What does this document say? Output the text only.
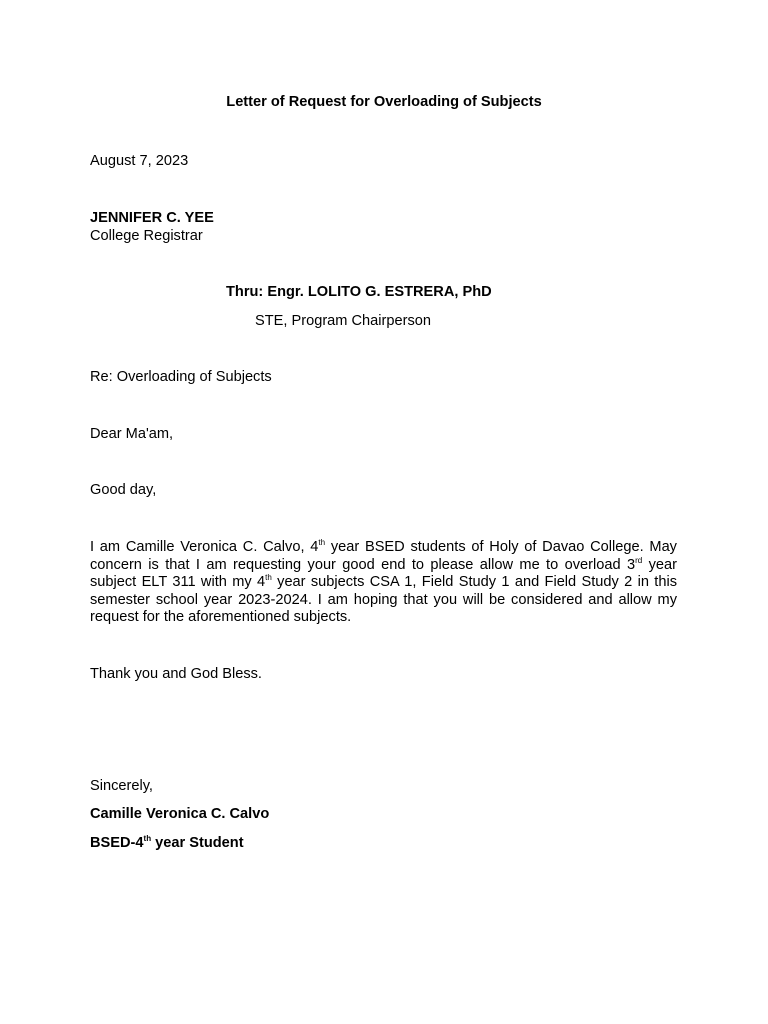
Letter of Request for Overloading of Subjects
August 7, 2023
JENNIFER C. YEE
College Registrar
Thru: Engr. LOLITO G. ESTRERA, PhD
STE, Program Chairperson
Re: Overloading of Subjects
Dear Ma'am,
Good day,
I am Camille Veronica C. Calvo, 4th year BSED students of Holy of Davao College. May
concern is that I am requesting your good end to please allow me to overload 3rd year
subject ELT 311 with my 4th year subjects CSA 1, Field Study 1 and Field Study 2 in this
semester school year 2023-2024. I am hoping that you will be considered and allow my
request for the aforementioned subjects.
Thank you and God Bless.
Sincerely,
Camille Veronica C. Calvo
BSED-4th year Student
